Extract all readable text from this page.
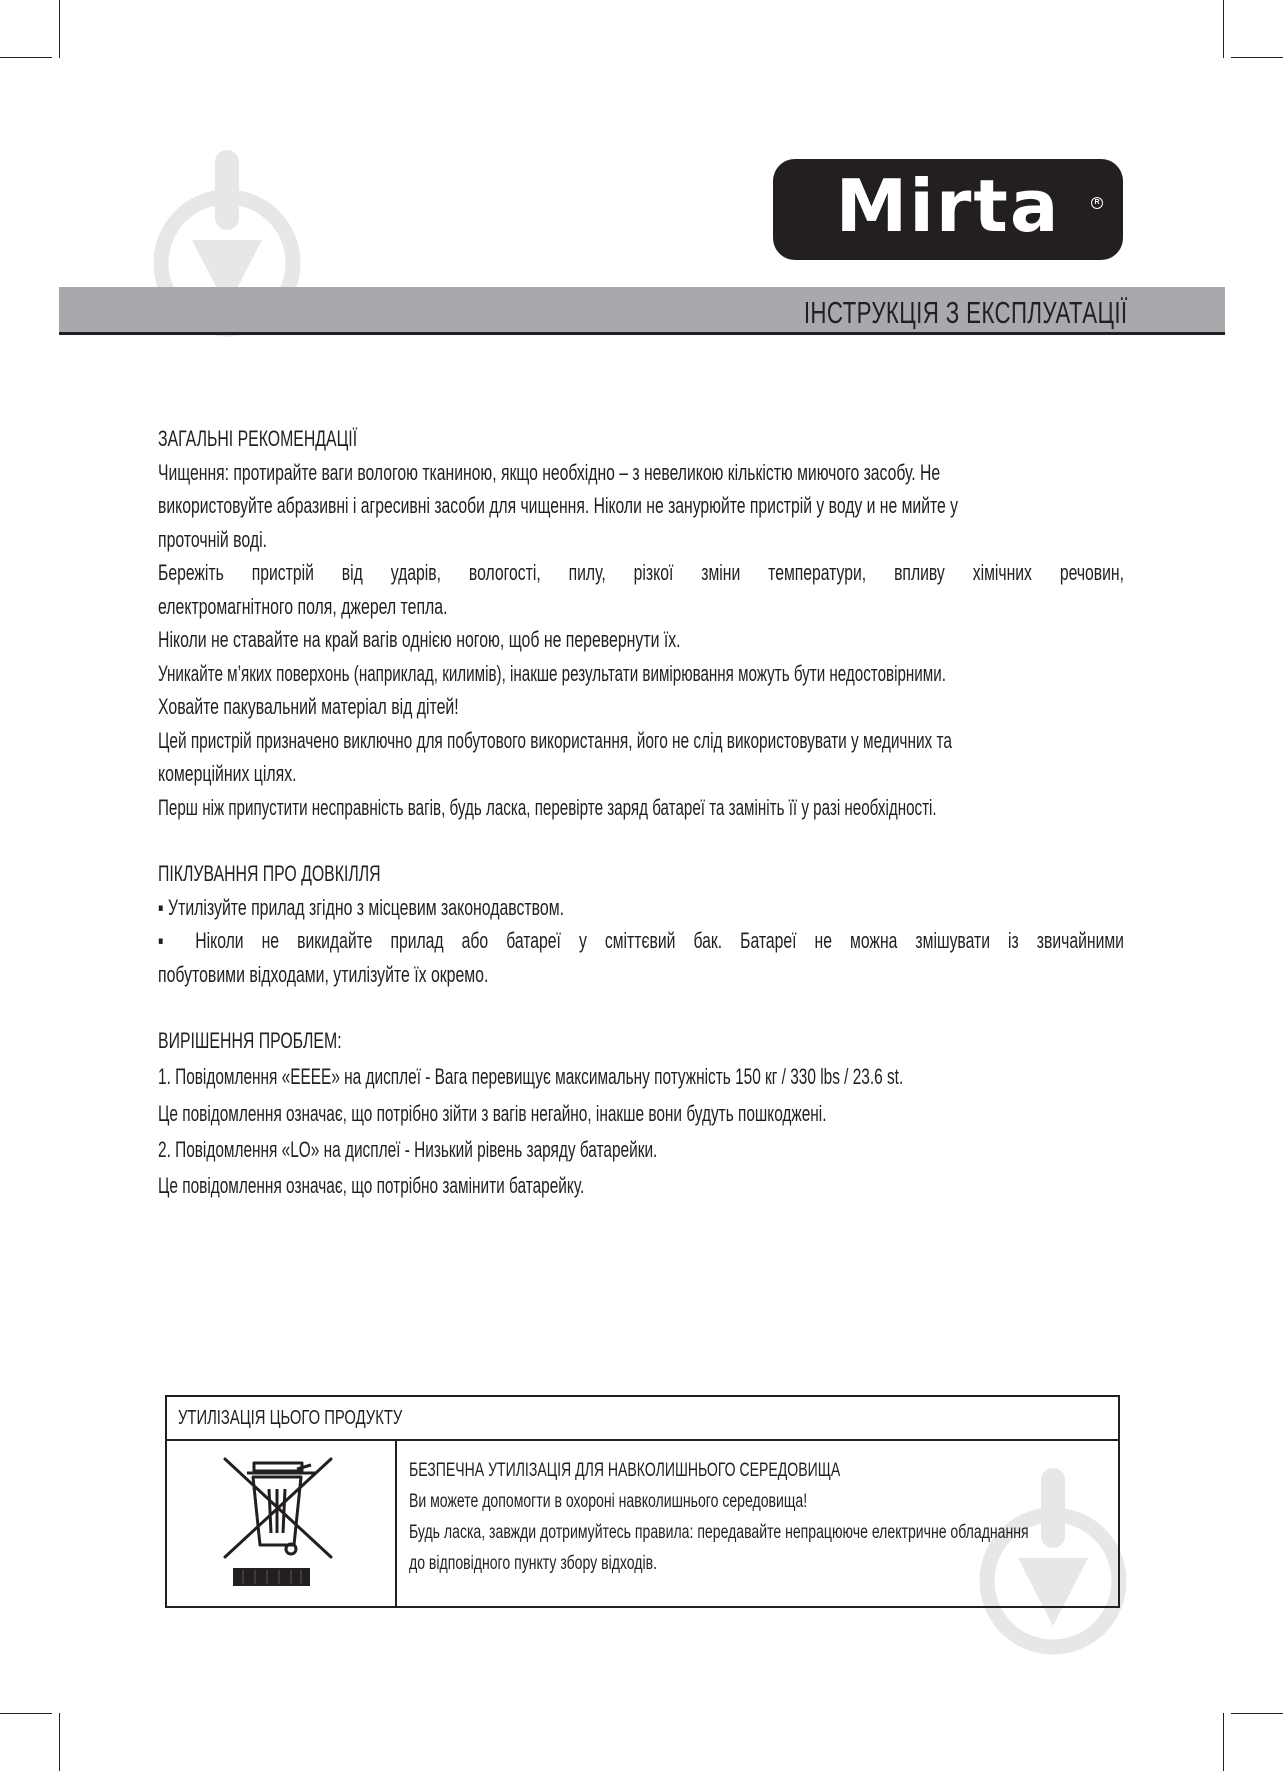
Mirta	R
ІНСТРУКЦІЯ З ЕКСПЛУАТАЦІЇ
ЗАГАЛЬНІ РЕКОМЕНДАЦІЇ
Чищення: протирайте ваги вологою тканиною, якщо необхідно – з невеликою кількістю миючого засобу. Не
використовуйте абразивні і агресивні засоби для чищення. Ніколи не занурюйте пристрій у воду и не мийте у
проточній воді.
Бережіть пристрій від ударів, вологості, пилу, різкої зміни температури, впливу хімічних речовин,
електромагнітного поля, джерел тепла.
Ніколи не ставайте на край вагів однією ногою, щоб не перевернути їх.
Уникайте м’яких поверхонь (наприклад, килимів), інакше результати вимірювання можуть бути недостовірними.
Ховайте пакувальний матеріал від дітей!
Цей пристрій призначено виключно для побутового використання, його не слід використовувати у медичних та
комерційних цілях.
Перш ніж припустити несправність вагів, будь ласка, перевірте заряд батареї та замініть її у разі необхідності.
ПІКЛУВАННЯ ПРО ДОВКІЛЛЯ
▪ Утилізуйте прилад згідно з місцевим законодавством.
▪ Ніколи не викидайте прилад або батареї у сміттєвий бак. Батареї не можна змішувати із звичайними
побутовими відходами, утилізуйте їх окремо.
ВИРІШЕННЯ ПРОБЛЕМ:
1. Повідомлення «EEEE» на дисплеї - Вага перевищує максимальну потужність 150 кг / 330 lbs / 23.6 st.
Це повідомлення означає, що потрібно зійти з вагів негайно, інакше вони будуть пошкоджені.
2. Повідомлення «LO» на дисплеї - Низький рівень заряду батарейки.
Це повідомлення означає, що потрібно замінити батарейку.
УТИЛІЗАЦІЯ ЦЬОГО ПРОДУКТУ
БЕЗПЕЧНА УТИЛІЗАЦІЯ ДЛЯ НАВКОЛИШНЬОГО СЕРЕДОВИЩА
Ви можете допомогти в охороні навколишнього середовища!
Будь ласка, завжди дотримуйтесь правила: передавайте непрацююче електричне обладнання
до відповідного пункту збору відходів.
